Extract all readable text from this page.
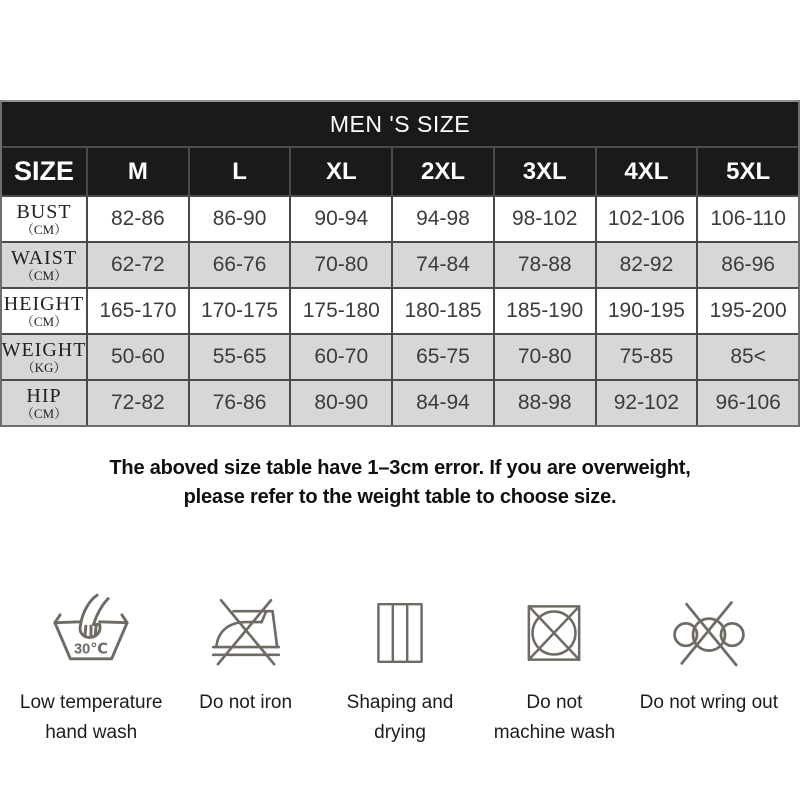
MEN 'S SIZE
SIZE	M	L	XL	2XL	3XL	4XL	5XL
BUST
（CM）	82-86	86-90	90-94	94-98	98-102	102-106	106-110
WAIST
（CM）	62-72	66-76	70-80	74-84	78-88	82-92	86-96
HEIGHT
（CM）	165-170	170-175	175-180	180-185	185-190	190-195	195-200
WEIGHT
（KG）	50-60	55-65	60-70	65-75	70-80	75-85	85<
HIP
（CM）	72-82	76-86	80-90	84-94	88-98	92-102	96-106
The aboved size table have 1–3cm error. If you are overweight,
please refer to the weight table to choose size.
30℃
Low temperature
hand wash
Do not iron	Shaping and
drying
Do not
machine wash
Do not wring out
